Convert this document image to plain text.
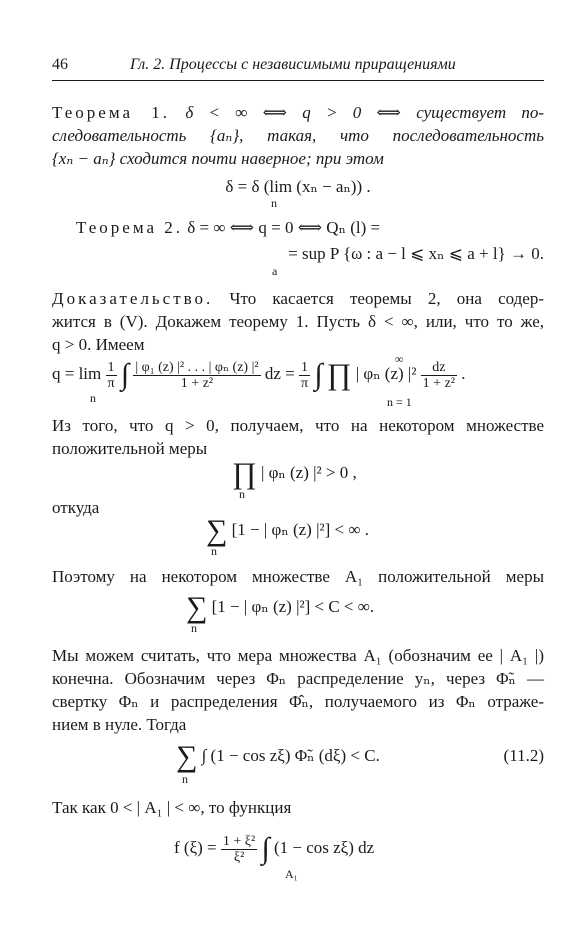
46	Гл. 2. Процессы с независимыми приращениями
Теорема 1. δ < ∞ ⟺ q > 0 ⟺ существует по-
следовательность {aₙ}, такая, что последовательность
{xₙ − aₙ} сходится почти наверное; при этом
δ = δ (lim (xₙ − aₙ)) .
n
Теорема 2. δ = ∞ ⟺ q = 0 ⟺ Qₙ (l) =
= sup P {ω : a − l ⩽ xₙ ⩽ a + l} → 0.
a
Доказательство. Что касается теоремы 2, она содер-
жится в (V). Докажем теорему 1. Пусть δ < ∞, или, что то же,
q > 0. Имеем
$q = \lim \frac{1}{\pi}$ ∫ $\frac{\text{| φ₁ (z) |² . . . | φₙ (z) |²}}{\text{1 + z²}}$ dz = $\frac{1}{\pi}$ ∫ ∏ | φₙ (z) $|^2 \frac{dz}{\text{1 + z²}}$ .
n
∞
n = 1
Из того, что q > 0, получаем, что на некотором множестве
положительной меры
∏ | φₙ (z) |² > 0 ,
n
откуда
∑ [1 − | φₙ (z) |²] < ∞ .
n
Поэтому на некотором множестве A₁ положительной меры
∑ [1 − | φₙ (z) |²] < C < ∞.
n
Мы можем считать, что мера множества A₁ (обозначим ее | A₁ |)
конечна. Обозначим через Φₙ распределение yₙ, через Φ̃ₙ —
свертку Φₙ и распределения Φ̂ₙ, получаемого из Φₙ отраже-
нием в нуле. Тогда
∑ ∫ (1 − cos zξ) Φ̃ₙ (dξ) < C.
n
(11.2)
Так как 0 < | A₁ | < ∞, то функция
f $(\xi) = \frac{\text{1 + ξ²}}{\text{ξ²}}$ ∫ (1 − cos zξ) dz
A₁
